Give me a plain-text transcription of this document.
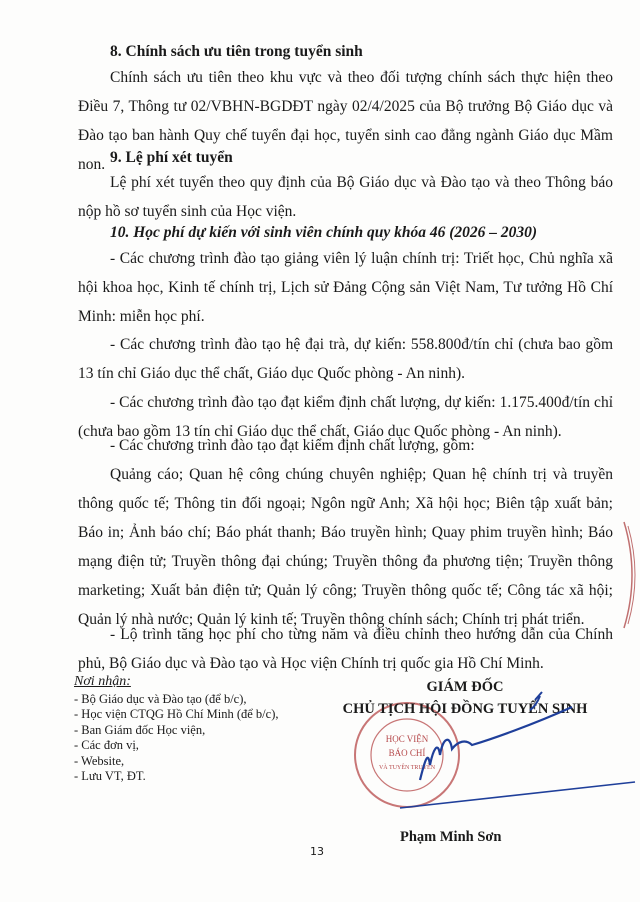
8. Chính sách ưu tiên trong tuyển sinh
Chính sách ưu tiên theo khu vực và theo đối tượng chính sách thực hiện theo Điều 7, Thông tư 02/VBHN-BGDĐT ngày 02/4/2025 của Bộ trưởng Bộ Giáo dục và Đào tạo ban hành Quy chế tuyển đại học, tuyển sinh cao đẳng ngành Giáo dục Mầm non. 9. Lệ phí xét tuyển
Lệ phí xét tuyển theo quy định của Bộ Giáo dục và Đào tạo và theo Thông báo nộp hồ sơ tuyển sinh của Học viện.
10. Học phí dự kiến với sinh viên chính quy khóa 46 (2026 – 2030)
- Các chương trình đào tạo giảng viên lý luận chính trị: Triết học, Chủ nghĩa xã hội khoa học, Kinh tế chính trị, Lịch sử Đảng Cộng sản Việt Nam, Tư tưởng Hồ Chí Minh: miễn học phí.
- Các chương trình đào tạo hệ đại trà, dự kiến: 558.800đ/tín chỉ (chưa bao gồm 13 tín chỉ Giáo dục thể chất, Giáo dục Quốc phòng - An ninh).
- Các chương trình đào tạo đạt kiểm định chất lượng, dự kiến: 1.175.400đ/tín chỉ (chưa bao gồm 13 tín chỉ Giáo dục thể chất, Giáo dục Quốc phòng - An ninh).
- Các chương trình đào tạo đạt kiểm định chất lượng, gồm:
Quảng cáo; Quan hệ công chúng chuyên nghiệp; Quan hệ chính trị và truyền thông quốc tế; Thông tin đối ngoại; Ngôn ngữ Anh; Xã hội học; Biên tập xuất bản; Báo in; Ảnh báo chí; Báo phát thanh; Báo truyền hình; Quay phim truyền hình; Báo mạng điện tử; Truyền thông đại chúng; Truyền thông đa phương tiện; Truyền thông marketing; Xuất bản điện tử; Quản lý công; Truyền thông quốc tế; Công tác xã hội; Quản lý nhà nước; Quản lý kinh tế; Truyền thông chính sách; Chính trị phát triển.
- Lộ trình tăng học phí cho từng năm và điều chỉnh theo hướng dẫn của Chính phủ, Bộ Giáo dục và Đào tạo và Học viện Chính trị quốc gia Hồ Chí Minh.
Nơi nhận:
- Bộ Giáo dục và Đào tạo (để b/c),
- Học viện CTQG Hồ Chí Minh (để b/c),
- Ban Giám đốc Học viện,
- Các đơn vị,
- Website,
- Lưu VT, ĐT.
HỌC VIỆN
BÁO CHÍ
VÀ TUYÊN TRUYỀN
GIÁM ĐỐC
CHỦ TỊCH HỘI ĐỒNG TUYỂN SINH
Phạm Minh Sơn
13
